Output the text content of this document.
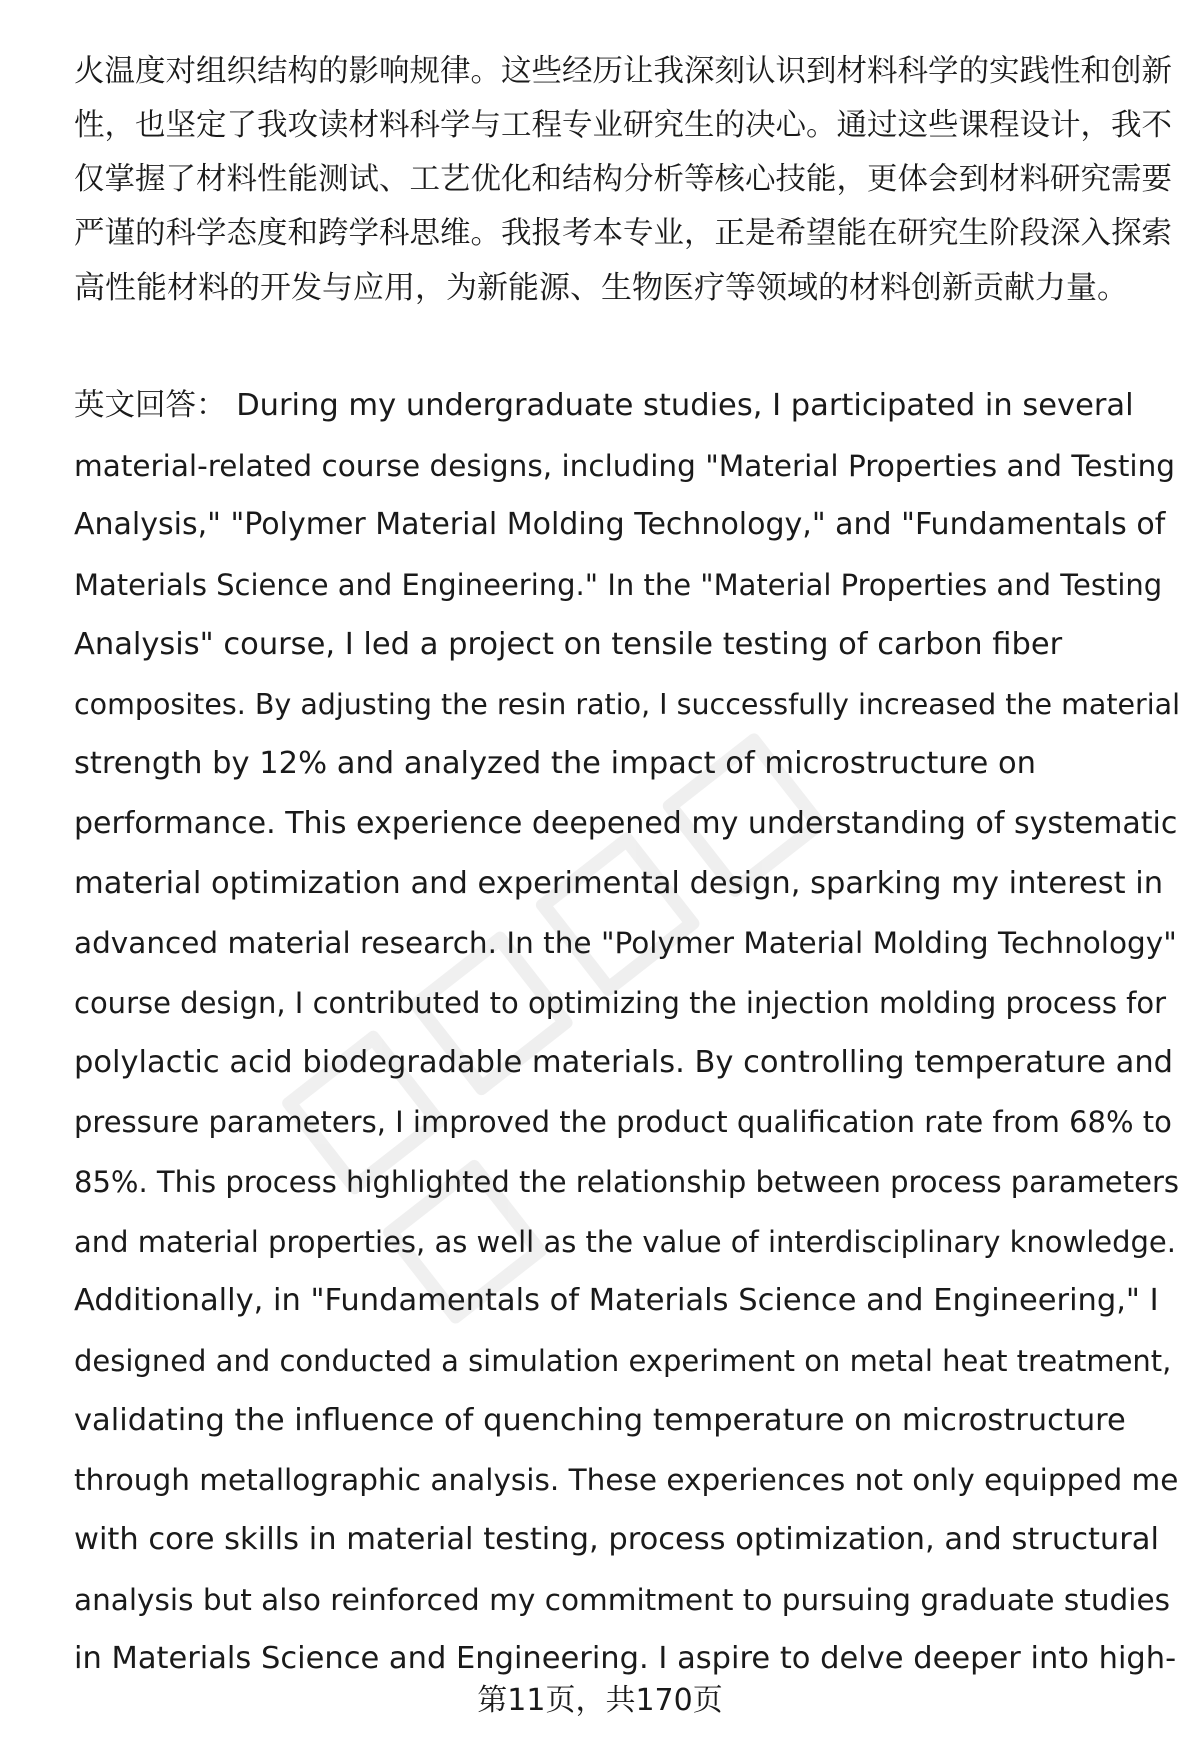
火温度对组织结构的影响规律。这些经历让我深刻认识到材料科学的实践性和创新
性，也坚定了我攻读材料科学与工程专业研究生的决心。通过这些课程设计，我不
仅掌握了材料性能测试、工艺优化和结构分析等核心技能，更体会到材料研究需要
严谨的科学态度和跨学科思维。我报考本专业，正是希望能在研究生阶段深入探索
高性能材料的开发与应用，为新能源、生物医疗等领域的材料创新贡献力量。
英文回答： During my undergraduate studies, I participated in several
material-related course designs, including "Material Properties and Testing
Analysis," "Polymer Material Molding Technology," and "Fundamentals of
Materials Science and Engineering." In the "Material Properties and Testing
Analysis" course, I led a project on tensile testing of carbon fiber
composites. By adjusting the resin ratio, I successfully increased the material
strength by 12% and analyzed the impact of microstructure on
performance. This experience deepened my understanding of systematic
material optimization and experimental design, sparking my interest in
advanced material research. In the "Polymer Material Molding Technology"
course design, I contributed to optimizing the injection molding process for
polylactic acid biodegradable materials. By controlling temperature and
pressure parameters, I improved the product qualification rate from 68% to
85%. This process highlighted the relationship between process parameters
and material properties, as well as the value of interdisciplinary knowledge.
Additionally, in "Fundamentals of Materials Science and Engineering," I
designed and conducted a simulation experiment on metal heat treatment,
validating the influence of quenching temperature on microstructure
through metallographic analysis. These experiences not only equipped me
with core skills in material testing, process optimization, and structural
analysis but also reinforced my commitment to pursuing graduate studies
in Materials Science and Engineering. I aspire to delve deeper into high-
第11页，共170页
